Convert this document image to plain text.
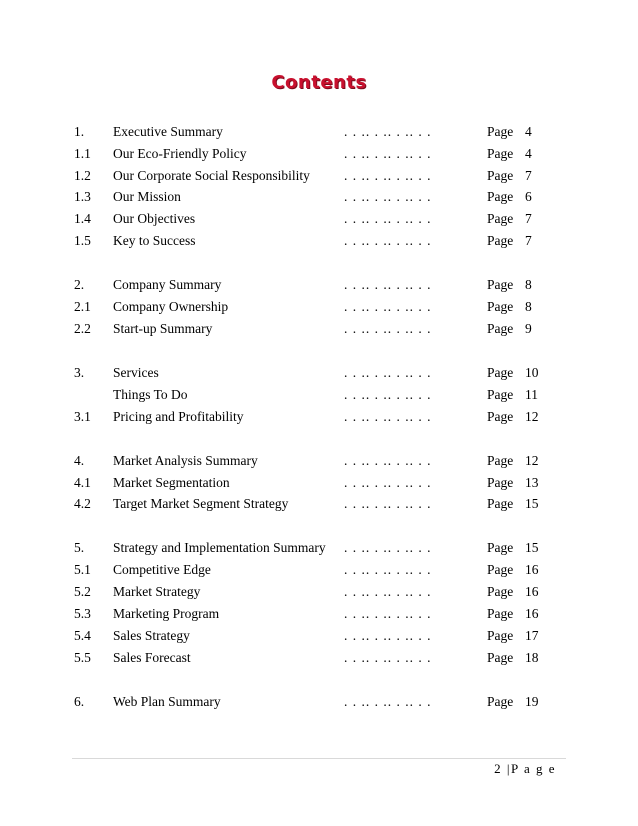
Contents
1. Executive Summary	. . .. . .. . .. . .	Page 4
1.1 Our Eco-Friendly Policy	. . .. . .. . .. . .	Page 4
1.2 Our Corporate Social Responsibility	. . .. . .. . .. . .	Page 7
1.3 Our Mission	. . .. . .. . .. . .	Page 6
1.4 Our Objectives	. . .. . .. . .. . .	Page 7
1.5 Key to Success	. . .. . .. . .. . .	Page 7
2. Company Summary	. . .. . .. . .. . .	Page 8
2.1 Company Ownership	. . .. . .. . .. . .	Page 8
2.2 Start-up Summary	. . .. . .. . .. . .	Page 9
3. Services	. . .. . .. . .. . .	Page 10
Things To Do	. . .. . .. . .. . .	Page 11
3.1 Pricing and Profitability	. . .. . .. . .. . .	Page 12
4. Market Analysis Summary	. . .. . .. . .. . .	Page 12
4.1 Market Segmentation	. . .. . .. . .. . .	Page 13
4.2 Target Market Segment Strategy	. . .. . .. . .. . .	Page 15
5. Strategy and Implementation Summary . . .. . .. . .. . .	Page 15
5.1 Competitive Edge	. . .. . .. . .. . .	Page 16
5.2 Market Strategy	. . .. . .. . .. . .	Page 16
5.3 Marketing Program	. . .. . .. . .. . .	Page 16
5.4 Sales Strategy	. . .. . .. . .. . .	Page 17
5.5 Sales Forecast	. . .. . .. . .. . .	Page 18
6. Web Plan Summary	. . .. . .. . .. . .	Page 19
2 |P a g e
